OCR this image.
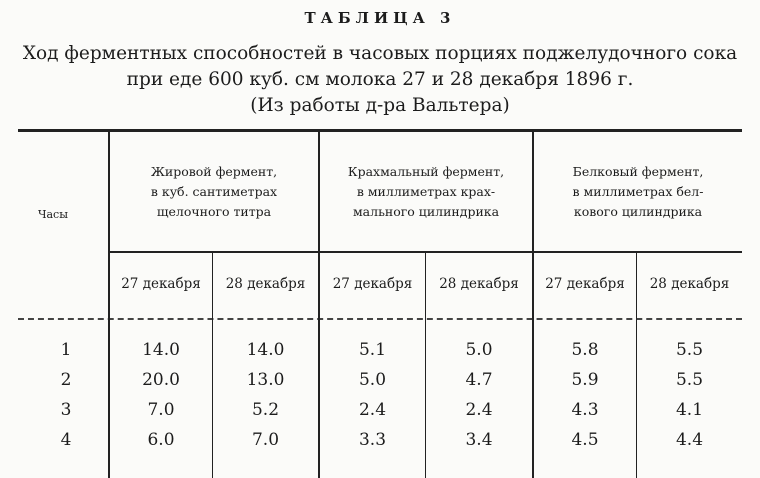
ТАБЛИЦА 3
Ход ферментных способностей в часовых порциях поджелудочного сока
при еде 600 куб. см молока 27 и 28 декабря 1896 г.
(Из работы д-ра Вальтера)
Часы
Жировой фермент,
в куб. сантиметрах
щелочного титра
Крахмальный фермент,
в миллиметрах крах-
мального цилиндрика
Белковый фермент,
в миллиметрах бел-
кового цилиндрика
27 декабря	28 декабря	27 декабря	28 декабря	27 декабря	28 декабря
1	14.0	14.0	5.1	5.0	5.8	5.5
2	20.0	13.0	5.0	4.7	5.9	5.5
3	7.0	5.2	2.4	2.4	4.3	4.1
4	6.0	7.0	3.3	3.4	4.5	4.4
